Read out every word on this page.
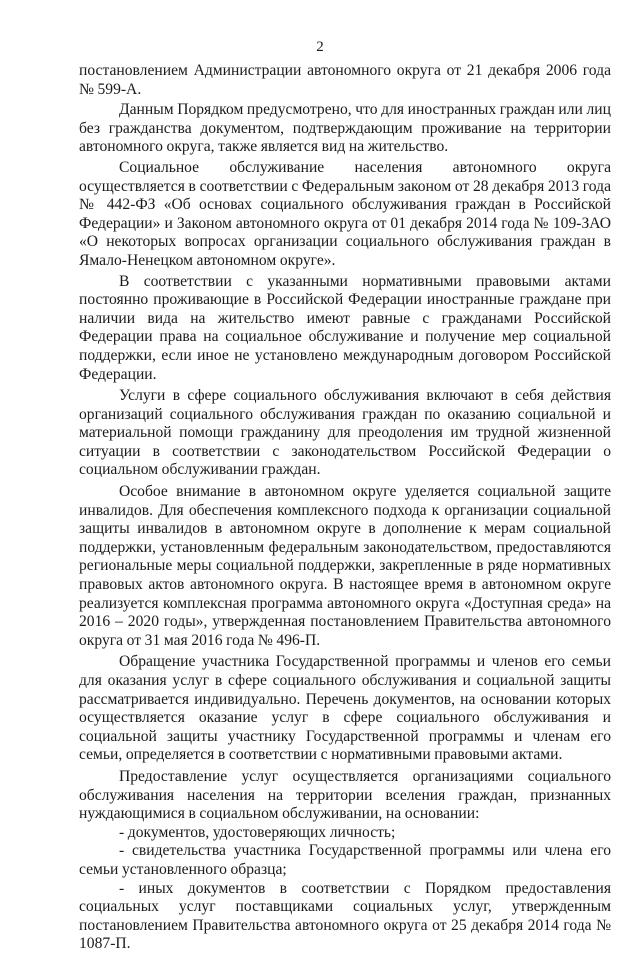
2

постановлением Администрации автономного округа от 21 декабря 2006 года № 599-А.

Данным Порядком предусмотрено, что для иностранных граждан или лиц без гражданства документом, подтверждающим проживание на территории автономного округа, также является вид на жительство.

Социальное обслуживание населения автономного округа осуществляется в соответствии с Федеральным законом от 28 декабря 2013 года № 442-ФЗ «Об основах социального обслуживания граждан в Российской Федерации» и Законом автономного округа от 01 декабря 2014 года № 109-ЗАО «О некоторых вопросах организации социального обслуживания граждан в Ямало-Ненецком автономном округе».

В соответствии с указанными нормативными правовыми актами постоянно проживающие в Российской Федерации иностранные граждане при наличии вида на жительство имеют равные с гражданами Российской Федерации права на социальное обслуживание и получение мер социальной поддержки, если иное не установлено международным договором Российской Федерации.

Услуги в сфере социального обслуживания включают в себя действия организаций социального обслуживания граждан по оказанию социальной и материальной помощи гражданину для преодоления им трудной жизненной ситуации в соответствии с законодательством Российской Федерации о социальном обслуживании граждан.

Особое внимание в автономном округе уделяется социальной защите инвалидов. Для обеспечения комплексного подхода к организации социальной защиты инвалидов в автономном округе в дополнение к мерам социальной поддержки, установленным федеральным законодательством, предоставляются региональные меры социальной поддержки, закрепленные в ряде нормативных правовых актов автономного округа. В настоящее время в автономном округе реализуется комплексная программа автономного округа «Доступная среда» на 2016 – 2020 годы», утвержденная постановлением Правительства автономного округа от 31 мая 2016 года № 496-П.

Обращение участника Государственной программы и членов его семьи для оказания услуг в сфере социального обслуживания и социальной защиты рассматривается индивидуально. Перечень документов, на основании которых осуществляется оказание услуг в сфере социального обслуживания и социальной защиты участнику Государственной программы и членам его семьи, определяется в соответствии с нормативными правовыми актами.

Предоставление услуг осуществляется организациями социального обслуживания населения на территории вселения граждан, признанных нуждающимися в социальном обслуживании, на основании:

- документов, удостоверяющих личность;

- свидетельства участника Государственной программы или члена его семьи установленного образца;

- иных документов в соответствии с Порядком предоставления социальных услуг поставщиками социальных услуг, утвержденным постановлением Правительства автономного округа от 25 декабря 2014 года № 1087-П.
